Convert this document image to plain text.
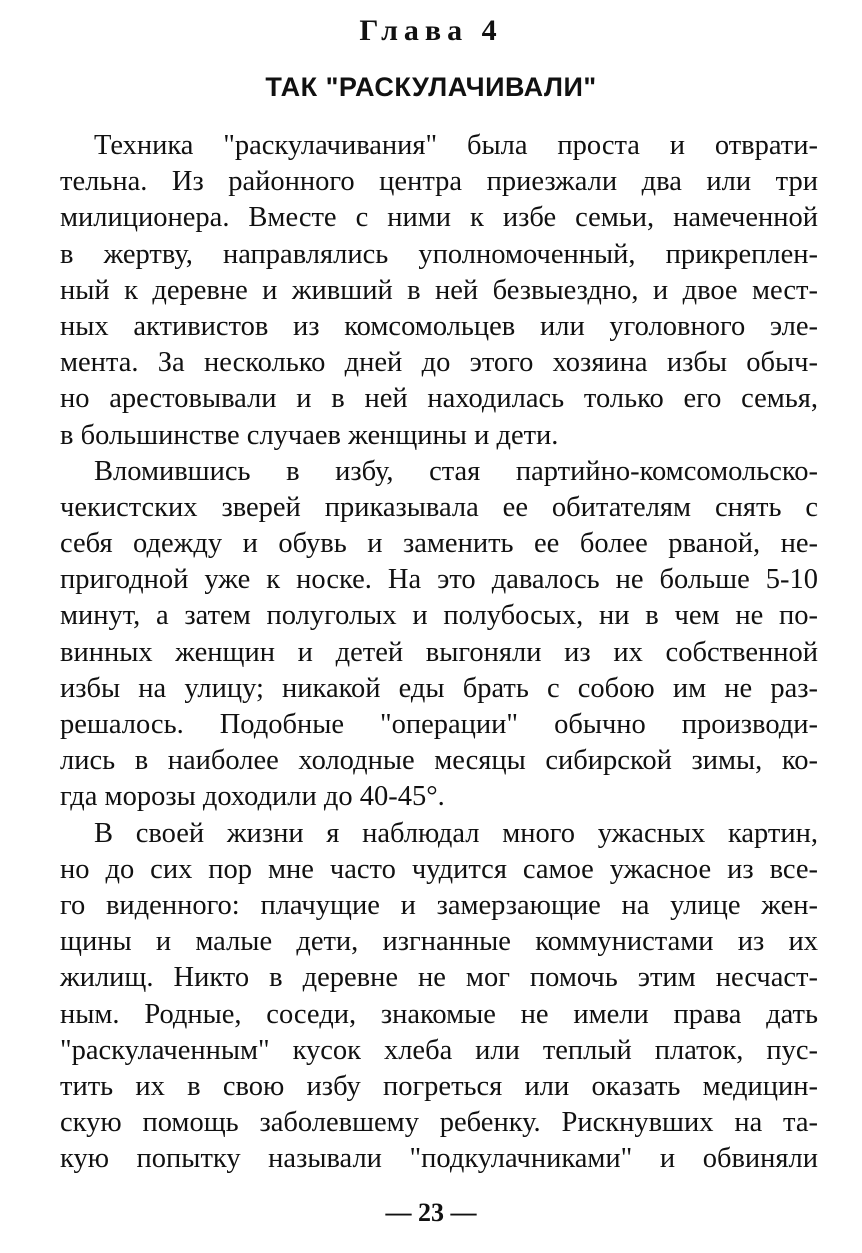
Глава 4
ТАК "РАСКУЛАЧИВАЛИ"
Техника "раскулачивания" была проста и отврати-
тельна. Из районного центра приезжали два или три
милиционера. Вместе с ними к избе семьи, намеченной
в жертву, направлялись уполномоченный, прикреплен-
ный к деревне и живший в ней безвыездно, и двое мест-
ных активистов из комсомольцев или уголовного эле-
мента. За несколько дней до этого хозяина избы обыч-
но арестовывали и в ней находилась только его семья,
в большинстве случаев женщины и дети.
Вломившись в избу, стая партийно-комсомольско-
чекистских зверей приказывала ее обитателям снять с
себя одежду и обувь и заменить ее более рваной, не-
пригодной уже к носке. На это давалось не больше 5-10
минут, а затем полуголых и полубосых, ни в чем не по-
винных женщин и детей выгоняли из их собственной
избы на улицу; никакой еды брать с собою им не раз-
решалось. Подобные "операции" обычно производи-
лись в наиболее холодные месяцы сибирской зимы, ко-
гда морозы доходили до 40-45°.
В своей жизни я наблюдал много ужасных картин,
но до сих пор мне часто чудится самое ужасное из все-
го виденного: плачущие и замерзающие на улице жен-
щины и малые дети, изгнанные коммунистами из их
жилищ. Никто в деревне не мог помочь этим несчаст-
ным. Родные, соседи, знакомые не имели права дать
"раскулаченным" кусок хлеба или теплый платок, пус-
тить их в свою избу погреться или оказать медицин-
скую помощь заболевшему ребенку. Рискнувших на та-
кую попытку называли "подкулачниками" и обвиняли
— 23 —
